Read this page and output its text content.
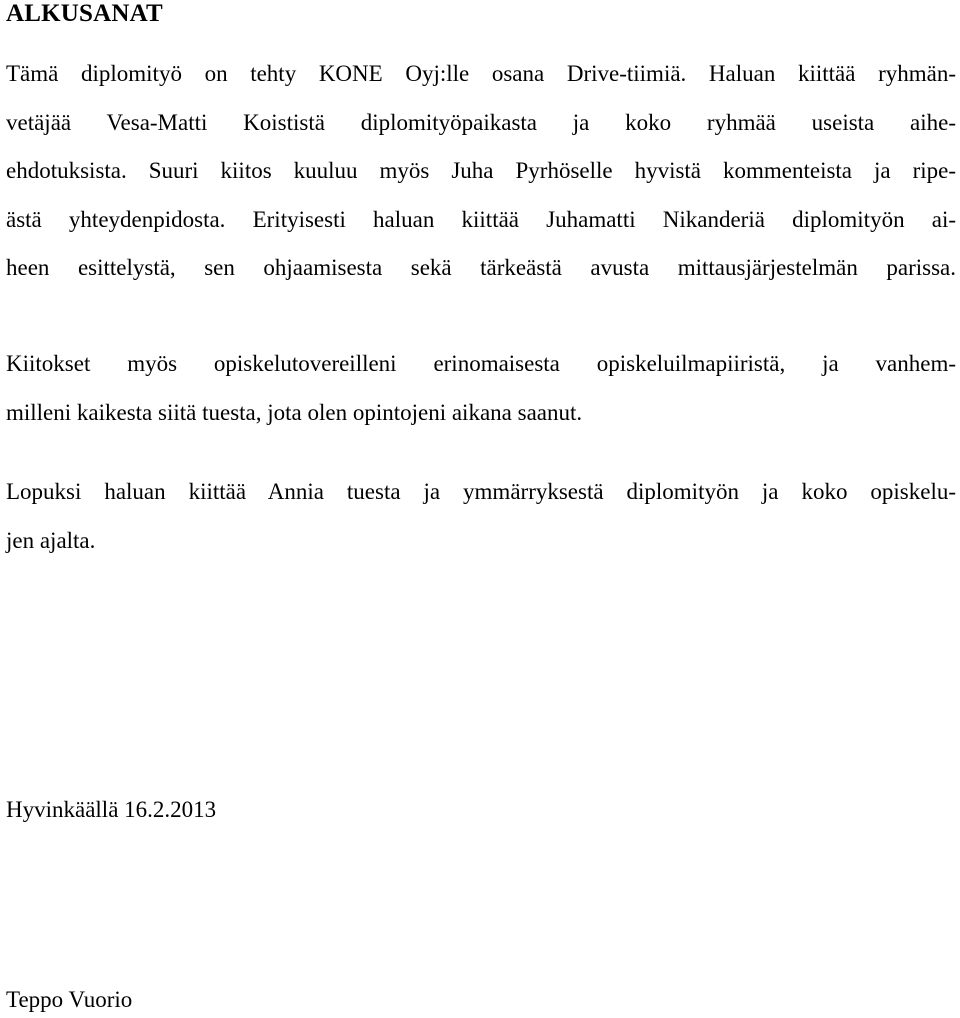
ALKUSANAT
Tämä diplomityö on tehty KONE Oyj:lle osana Drive-tiimiä. Haluan kiittää ryhmän-
vetäjää Vesa-Matti Koististä diplomityöpaikasta ja koko ryhmää useista aihe-
ehdotuksista. Suuri kiitos kuuluu myös Juha Pyrhöselle hyvistä kommenteista ja ripe-
ästä yhteydenpidosta. Erityisesti haluan kiittää Juhamatti Nikanderiä diplomityön ai-
heen esittelystä, sen ohjaamisesta sekä tärkeästä avusta mittausjärjestelmän parissa.
Kiitokset myös opiskelutovereilleni erinomaisesta opiskeluilmapiiristä, ja vanhem-
milleni kaikesta siitä tuesta, jota olen opintojeni aikana saanut.
Lopuksi haluan kiittää Annia tuesta ja ymmärryksestä diplomityön ja koko opiskelu-
jen ajalta.
Hyvinkäällä 16.2.2013
Teppo Vuorio
